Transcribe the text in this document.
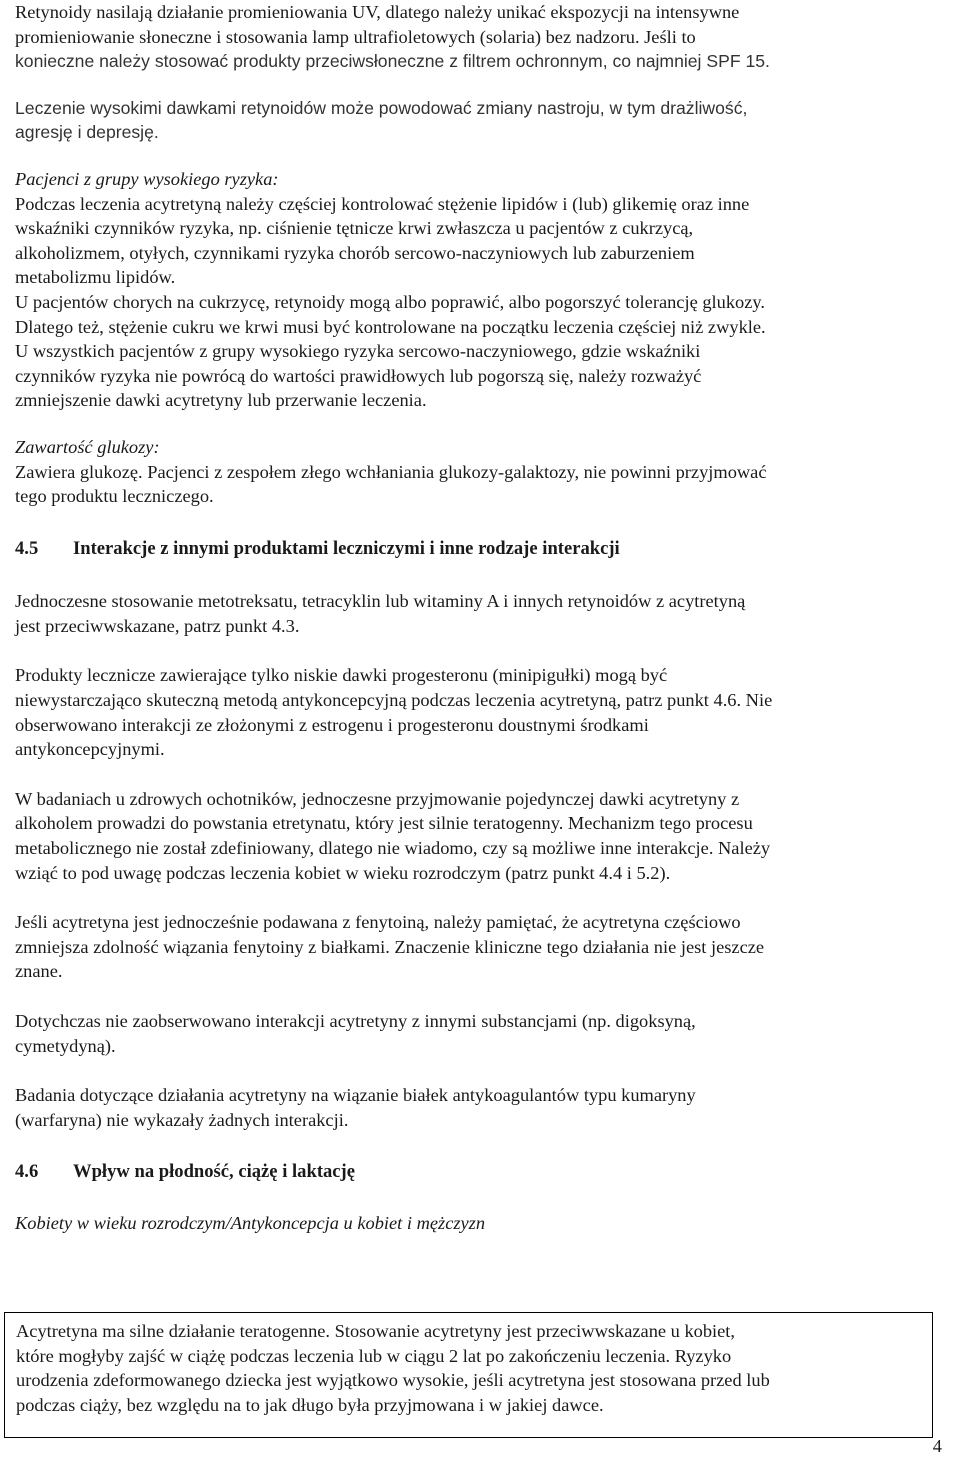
Retynoidy nasilają działanie promieniowania UV, dlatego należy unikać ekspozycji na intensywne
promieniowanie słoneczne i stosowania lamp ultrafioletowych (solaria) bez nadzoru. Jeśli to
konieczne należy stosować produkty przeciwsłoneczne z filtrem ochronnym, co najmniej SPF 15.

Leczenie wysokimi dawkami retynoidów może powodować zmiany nastroju, w tym drażliwość,
agresję i depresję.

Pacjenci z grupy wysokiego ryzyka:
Podczas leczenia acytretyną należy częściej kontrolować stężenie lipidów i (lub) glikemię oraz inne
wskaźniki czynników ryzyka, np. ciśnienie tętnicze krwi zwłaszcza u pacjentów z cukrzycą,
alkoholizmem, otyłych, czynnikami ryzyka chorób sercowo-naczyniowych lub zaburzeniem
metabolizmu lipidów.
U pacjentów chorych na cukrzycę, retynoidy mogą albo poprawić, albo pogorszyć tolerancję glukozy.
Dlatego też, stężenie cukru we krwi musi być kontrolowane na początku leczenia częściej niż zwykle.
U wszystkich pacjentów z grupy wysokiego ryzyka sercowo-naczyniowego, gdzie wskaźniki
czynników ryzyka nie powrócą do wartości prawidłowych lub pogorszą się, należy rozważyć
zmniejszenie dawki acytretyny lub przerwanie leczenia.

Zawartość glukozy:
Zawiera glukozę. Pacjenci z zespołem złego wchłaniania glukozy-galaktozy, nie powinni przyjmować
tego produktu leczniczego.

4.5	Interakcje z innymi produktami leczniczymi i inne rodzaje interakcji

Jednoczesne stosowanie metotreksatu, tetracyklin lub witaminy A i innych retynoidów z acytretyną
jest przeciwwskazane, patrz punkt 4.3.

Produkty lecznicze zawierające tylko niskie dawki progesteronu (minipigułki) mogą być
niewystarczająco skuteczną metodą antykoncepcyjną podczas leczenia acytretyną, patrz punkt 4.6. Nie
obserwowano interakcji ze złożonymi z estrogenu i progesteronu doustnymi środkami
antykoncepcyjnymi.

W badaniach u zdrowych ochotników, jednoczesne przyjmowanie pojedynczej dawki acytretyny z
alkoholem prowadzi do powstania etretynatu, który jest silnie teratogenny. Mechanizm tego procesu
metabolicznego nie został zdefiniowany, dlatego nie wiadomo, czy są możliwe inne interakcje. Należy
wziąć to pod uwagę podczas leczenia kobiet w wieku rozrodczym (patrz punkt 4.4 i 5.2).

Jeśli acytretyna jest jednocześnie podawana z fenytoiną, należy pamiętać, że acytretyna częściowo
zmniejsza zdolność wiązania fenytoiny z białkami. Znaczenie kliniczne tego działania nie jest jeszcze
znane.

Dotychczas nie zaobserwowano interakcji acytretyny z innymi substancjami (np. digoksyną,
cymetydyną).

Badania dotyczące działania acytretyny na wiązanie białek antykoagulantów typu kumaryny
(warfaryna) nie wykazały żadnych interakcji.

4.6	Wpływ na płodność, ciążę i laktację

Kobiety w wieku rozrodczym/Antykoncepcja u kobiet i mężczyzn

Acytretyna ma silne działanie teratogenne. Stosowanie acytretyny jest przeciwwskazane u kobiet,
które mogłyby zajść w ciążę podczas leczenia lub w ciągu 2 lat po zakończeniu leczenia. Ryzyko
urodzenia zdeformowanego dziecka jest wyjątkowo wysokie, jeśli acytretyna jest stosowana przed lub
podczas ciąży, bez względu na to jak długo była przyjmowana i w jakiej dawce.

4
